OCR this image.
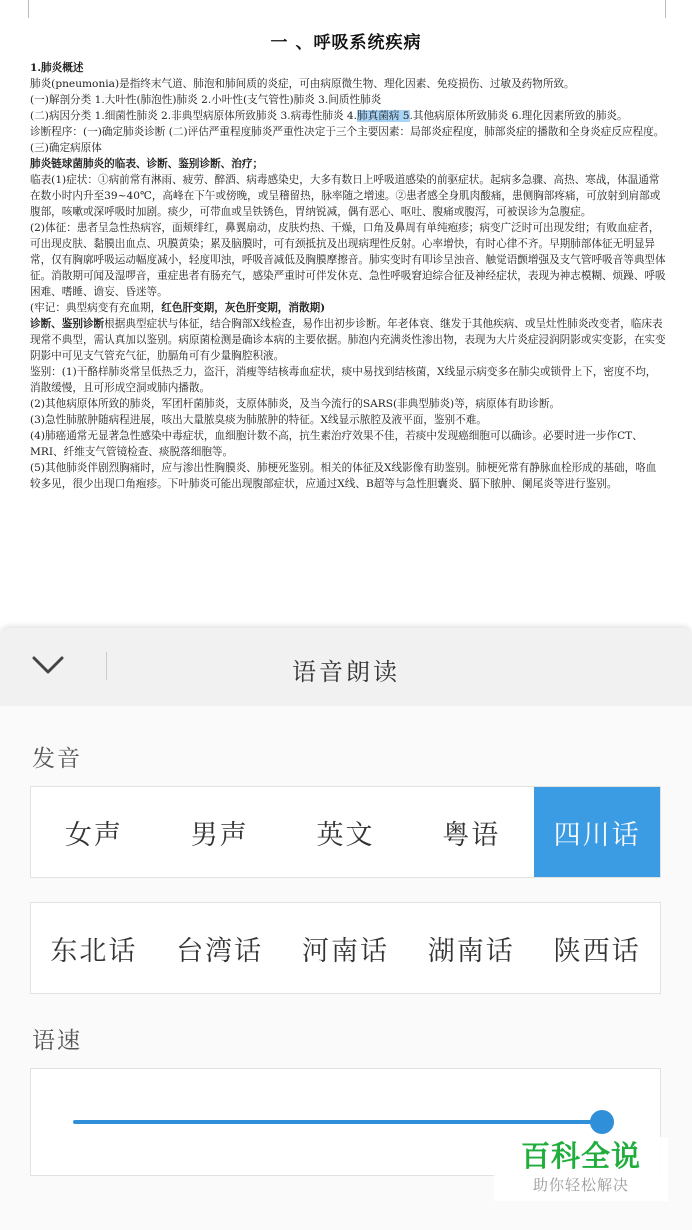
一 、呼吸系统疾病

1.肺炎概述

肺炎(pneumonia)是指终末气道、肺泡和肺间质的炎症，可由病原微生物、理化因素、免疫损伤、过敏及药物所致。

(一)解剖分类 1.大叶性(肺泡性)肺炎 2.小叶性(支气管性)肺炎 3.间质性肺炎

(二)病因分类 1.细菌性肺炎 2.非典型病原体所致肺炎 3.病毒性肺炎 4.肺真菌病 5.其他病原体所致肺炎 6.理化因素所致的肺炎。

诊断程序：(一)确定肺炎诊断 (二)评估严重程度肺炎严重性决定于三个主要因素：局部炎症程度，肺部炎症的播散和全身炎症反应程度。(三)确定病原体

肺炎链球菌肺炎的临表、诊断、鉴别诊断、治疗；

临表(1)症状：①病前常有淋雨、疲劳、醉酒、病毒感染史，大多有数日上呼吸道感染的前驱症状。起病多急骤、高热、寒战，体温通常在数小时内升至39~40℃，高峰在下午或傍晚，或呈稽留热，脉率随之增速。②患者感全身肌肉酸痛，患侧胸部疼痛，可放射到肩部或腹部，咳嗽或深呼吸时加剧。痰少，可带血或呈铁锈色，胃纳锐减，偶有恶心、呕吐、腹痛或腹泻，可被误诊为急腹症。

(2)体征：患者呈急性热病容，面颊绯红，鼻翼扇动，皮肤灼热、干燥，口角及鼻周有单纯疱疹；病变广泛时可出现发绀；有败血症者，可出现皮肤、黏膜出血点、巩膜黄染；累及脑膜时，可有颈抵抗及出现病理性反射。心率增快，有时心律不齐。早期肺部体征无明显异常，仅有胸廓呼吸运动幅度减小，轻度叩浊，呼吸音减低及胸膜摩擦音。肺实变时有叩诊呈浊音、触觉语颤增强及支气管呼吸音等典型体征。消散期可闻及湿啰音，重症患者有肠充气，感染严重时可伴发休克、急性呼吸窘迫综合征及神经症状，表现为神志模糊、烦躁、呼吸困难、嗜睡、谵妄、昏迷等。

(牢记：典型病变有充血期，红色肝变期，灰色肝变期，消散期)

诊断、鉴别诊断根据典型症状与体征，结合胸部X线检查，易作出初步诊断。年老体衰、继发于其他疾病、或呈灶性肺炎改变者，临床表现常不典型，需认真加以鉴别。病原菌检测是确诊本病的主要依据。肺泡内充满炎性渗出物，表现为大片炎症浸润阴影或实变影，在实变阴影中可见支气管充气征，肋膈角可有少量胸腔积液。

鉴别：(1)干酪样肺炎常呈低热乏力，盗汗，消瘦等结核毒血症状，痰中易找到结核菌，X线显示病变多在肺尖或锁骨上下，密度不均，消散缓慢，且可形成空洞或肺内播散。

(2)其他病原体所致的肺炎，军团杆菌肺炎，支原体肺炎，及当今流行的SARS(非典型肺炎)等，病原体有助诊断。

(3)急性肺脓肿随病程进展，咳出大量脓臭痰为肺脓肿的特征。X线显示脓腔及液平面，鉴别不难。

(4)肺癌通常无显著急性感染中毒症状，血细胞计数不高，抗生素治疗效果不佳，若痰中发现癌细胞可以确诊。必要时进一步作CT、MRI、纤维支气管镜检查、痰脱落细胞等。

(5)其他肺炎伴剧烈胸痛时，应与渗出性胸膜炎、肺梗死鉴别。相关的体征及X线影像有助鉴别。肺梗死常有静脉血栓形成的基础，咯血较多见，很少出现口角疱疹。下叶肺炎可能出现腹部症状，应通过X线、B超等与急性胆囊炎、膈下脓肿、阑尾炎等进行鉴别。

语音朗读
发音
女声	男声	英文	粤语	四川话
东北话	台湾话	河南话	湖南话	陕西话
语速
百科全说
助你轻松解决
